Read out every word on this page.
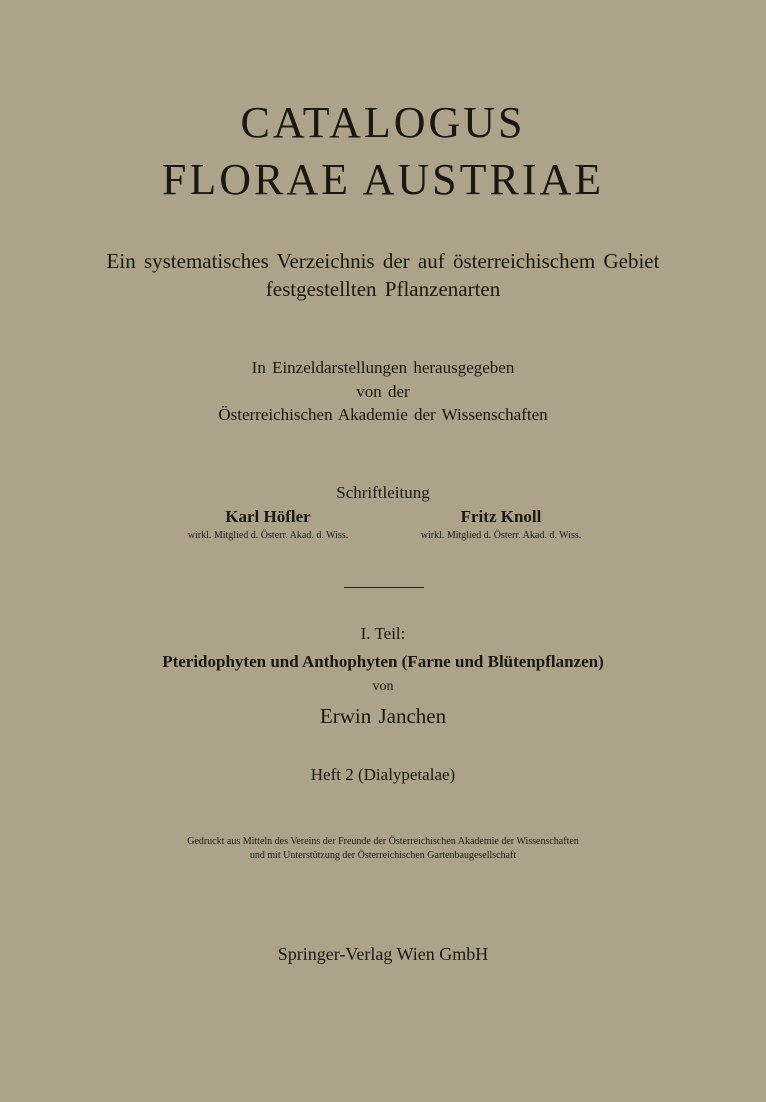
CATALOGUS
FLORAE AUSTRIAE
Ein systematisches Verzeichnis der auf österreichischem Gebiet
festgestellten Pflanzenarten
In Einzeldarstellungen herausgegeben
von der
Österreichischen Akademie der Wissenschaften
Schriftleitung
Karl Höfler
wirkl. Mitglied d. Österr. Akad. d. Wiss.
Fritz Knoll
wirkl. Mitglied d. Österr. Akad. d. Wiss.
I. Teil:
Pteridophyten und Anthophyten (Farne und Blütenpflanzen)
von
Erwin Janchen
Heft 2 (Dialypetalae)
Gedruckt aus Mitteln des Vereins der Freunde der Österreichischen Akademie der Wissenschaften
und mit Unterstützung der Österreichischen Gartenbaugesellschaft
Springer-Verlag Wien GmbH
